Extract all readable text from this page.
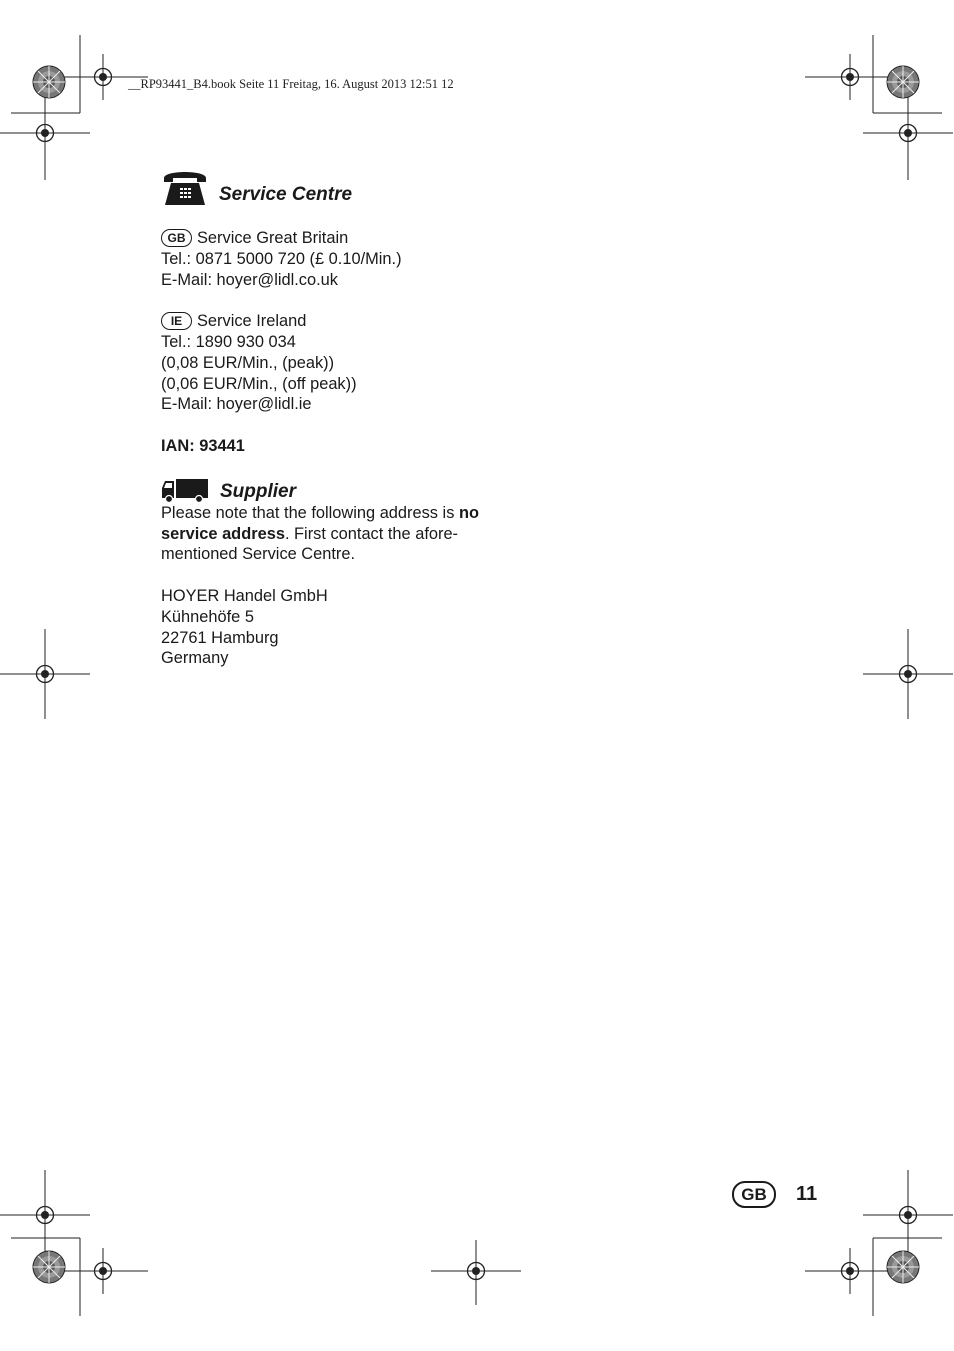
__RP93441_B4.book Seite 11 Freitag, 16. August 2013 12:51 12
Service Centre
GB Service Great Britain
Tel.: 0871 5000 720 (£ 0.10/Min.)
E-Mail: hoyer@lidl.co.uk
IE Service Ireland
Tel.: 1890 930 034
(0,08 EUR/Min., (peak))
(0,06 EUR/Min., (off peak))
E-Mail: hoyer@lidl.ie
IAN: 93441
Supplier
Please note that the following address is no service address. First contact the afore-mentioned Service Centre.
HOYER Handel GmbH
Kühnehöfe 5
22761 Hamburg
Germany
GB	11
